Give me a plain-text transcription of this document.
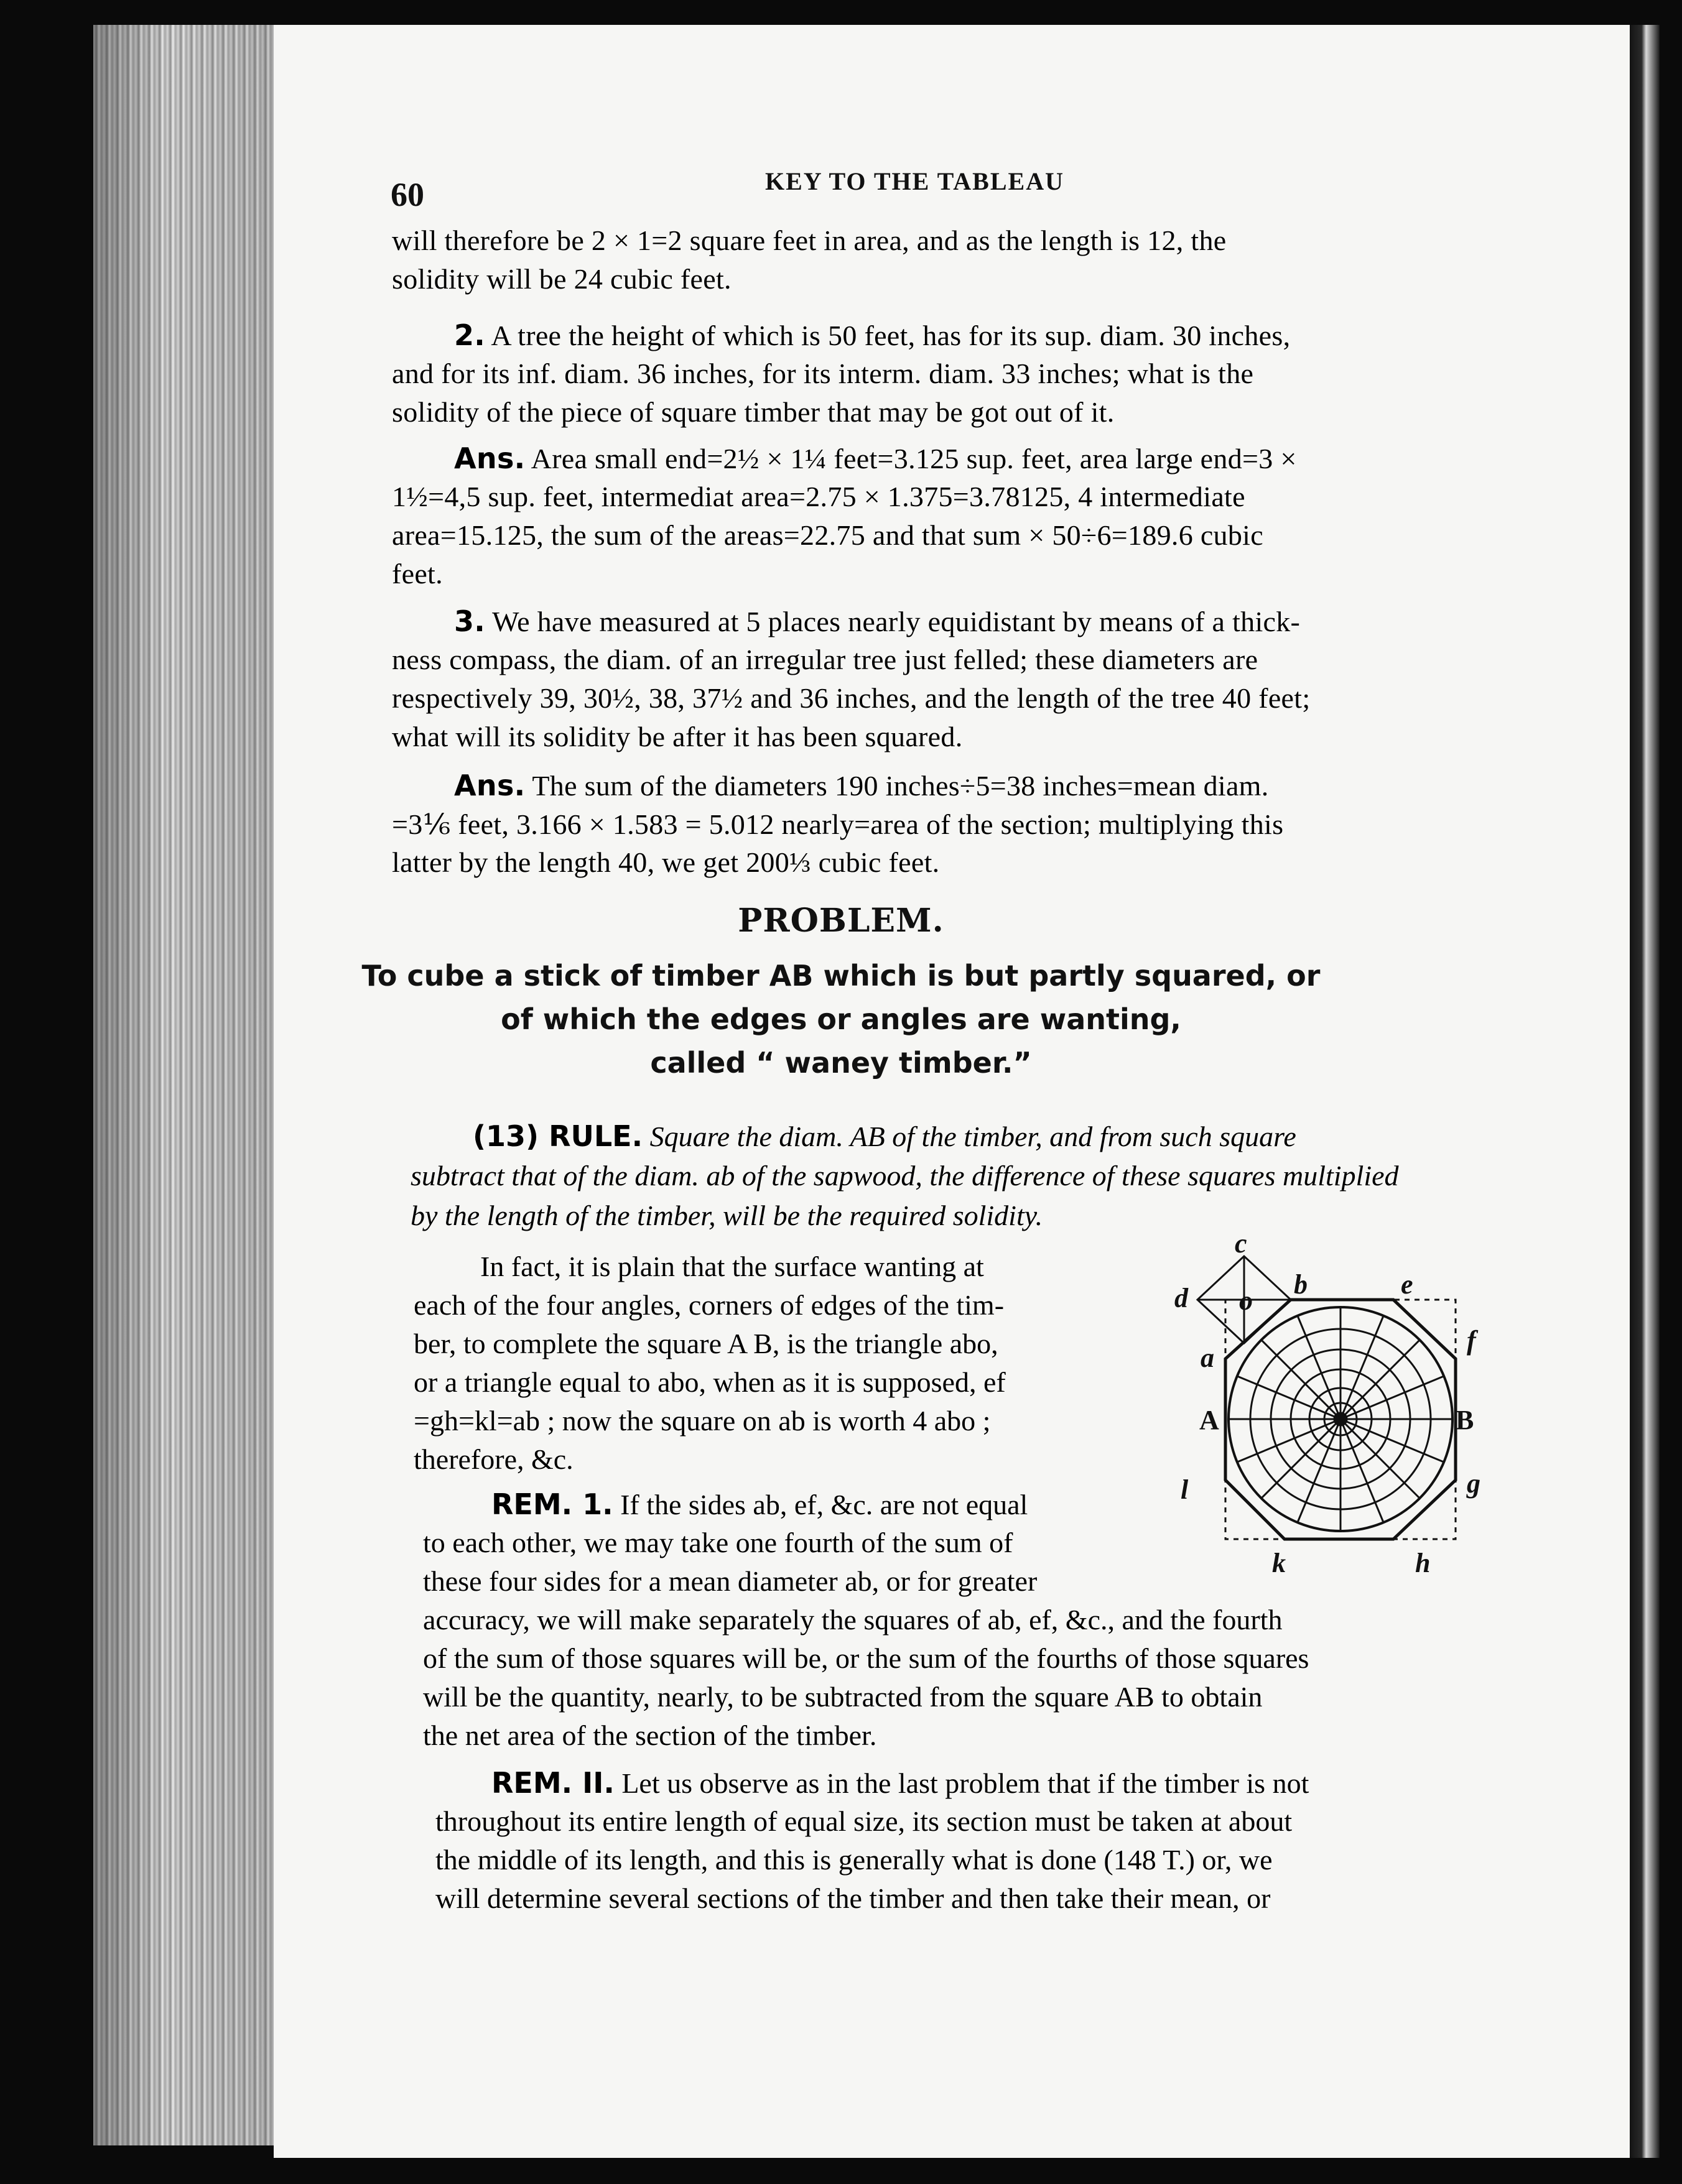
60	KEY TO THE TABLEAU
will therefore be 2 × 1=2 square feet in area, and as the length is 12, the
solidity will be 24 cubic feet.
2. A tree the height of which is 50 feet, has for its sup. diam. 30 inches,
and for its inf. diam. 36 inches, for its interm. diam. 33 inches; what is the
solidity of the piece of square timber that may be got out of it.
Ans. Area small end=2½ × 1¼ feet=3.125 sup. feet, area large end=3 ×
1½=4,5 sup. feet, intermediat area=2.75 × 1.375=3.78125, 4 intermediate
area=15.125, the sum of the areas=22.75 and that sum × 50÷6=189.6 cubic
feet.
3. We have measured at 5 places nearly equidistant by means of a thick-
ness compass, the diam. of an irregular tree just felled; these diameters are
respectively 39, 30½, 38, 37½ and 36 inches, and the length of the tree 40 feet;
what will its solidity be after it has been squared.
Ans. The sum of the diameters 190 inches÷5=38 inches=mean diam.
=3⅙ feet, 3.166 × 1.583 = 5.012 nearly=area of the section; multiplying this
latter by the length 40, we get 200⅓ cubic feet.
PROBLEM.
To cube a stick of timber AB which is but partly squared, or
of which the edges or angles are wanting,
called “ waney timber.”
(13) RULE. Square the diam. AB of the timber, and from such square
subtract that of the diam. ab of the sapwood, the difference of these squares multiplied
by the length of the timber, will be the required solidity.
In fact, it is plain that the surface wanting at
each of the four angles, corners of edges of the tim-
ber, to complete the square A B, is the triangle abo,
or a triangle equal to abo, when as it is supposed, ef
=gh=kl=ab ; now the square on ab is worth 4 abo ;
therefore, &c.
REM. 1. If the sides ab, ef, &c. are not equal
to each other, we may take one fourth of the sum of
these four sides for a mean diameter ab, or for greater
accuracy, we will make separately the squares of ab, ef, &c., and the fourth
of the sum of those squares will be, or the sum of the fourths of those squares
will be the quantity, nearly, to be subtracted from the square AB to obtain
the net area of the section of the timber.
REM. II. Let us observe as in the last problem that if the timber is not
throughout its entire length of equal size, its section must be taken at about
the middle of its length, and this is generally what is done (148 T.) or, we
will determine several sections of the timber and then take their mean, or
c
d o
b	e
f
a
A	B
l	g
k	h
